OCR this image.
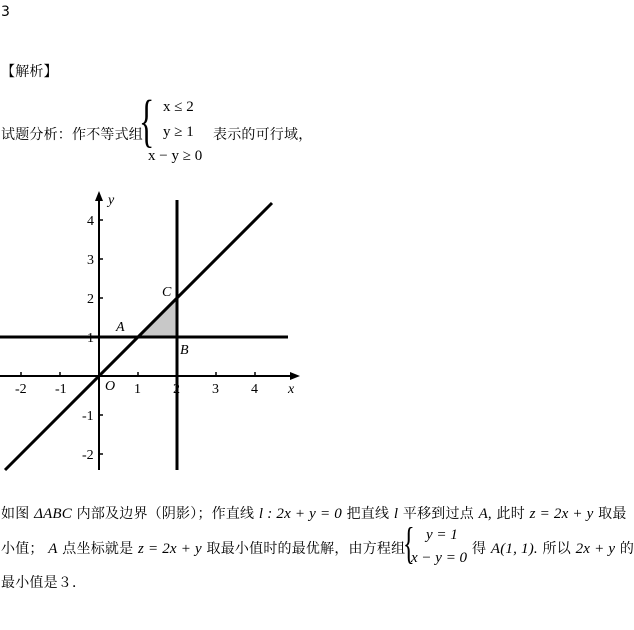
3
【解析】
试题分析：作不等式组
{ x ≤ 2
y ≥ 1
x − y ≥ 0
表示的可行域，
-2 -1	1 2 3 4
4
3
2
1
-1
-2
x
y
O
A
B
C
如图 ΔABC 内部及边界（阴影）；作直线 l : 2x + y = 0 把直线 l 平移到过点 A, 此时 z = 2x + y 取最
小值； A 点坐标就是 z = 2x + y 取最小值时的最优解，由方程组
{ y = 1
x − y = 0
得 A(1, 1). 所以 2x + y 的
最小值是３．
